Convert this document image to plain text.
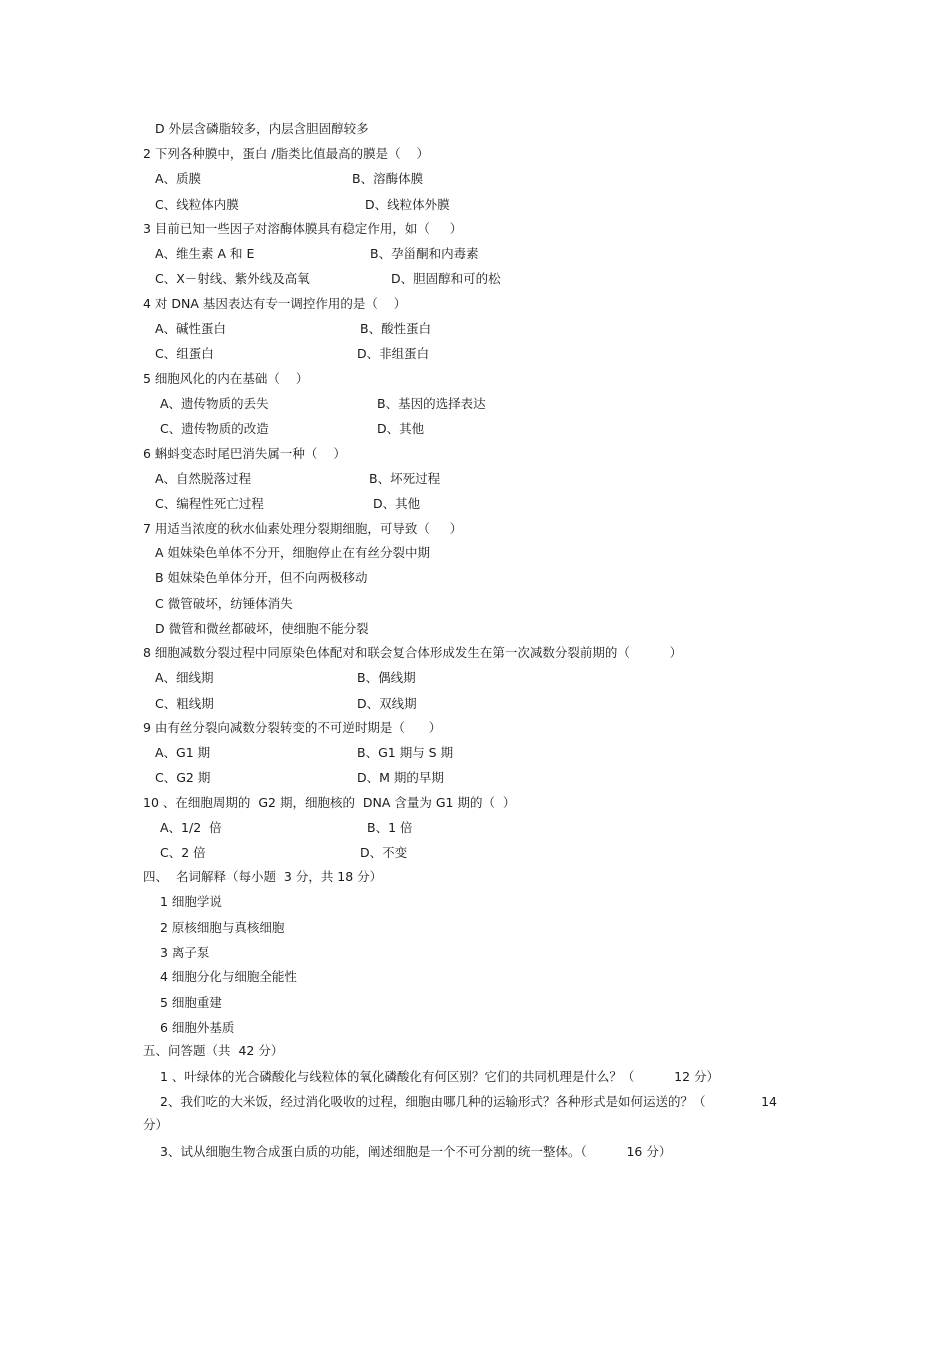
D 外层含磷脂较多，内层含胆固醇较多
2 下列各种膜中，蛋白 /脂类比值最高的膜是（    ）
A、质膜	B、溶酶体膜
C、线粒体内膜	D、线粒体外膜
3 目前已知一些因子对溶酶体膜具有稳定作用，如（     ）
A、维生素 A 和 E	B、孕甾酮和内毒素
C、X－射线、紫外线及高氧	D、胆固醇和可的松
4 对 DNA 基因表达有专一调控作用的是（    ）
A、碱性蛋白	B、酸性蛋白
C、组蛋白	D、非组蛋白
5 细胞风化的内在基础（    ）
A、遗传物质的丢失	B、基因的选择表达
C、遗传物质的改造	D、其他
6 蝌蚪变态时尾巴消失属一种（    ）
A、自然脱落过程	B、坏死过程
C、编程性死亡过程	D、其他
7 用适当浓度的秋水仙素处理分裂期细胞，可导致（     ）
A 姐妹染色单体不分开，细胞停止在有丝分裂中期
B 姐妹染色单体分开，但不向两极移动
C 微管破坏，纺锤体消失
D 微管和微丝都破坏，使细胞不能分裂
8 细胞减数分裂过程中同原染色体配对和联会复合体形成发生在第一次减数分裂前期的（          ）
A、细线期	B、偶线期
C、粗线期	D、双线期
9 由有丝分裂向减数分裂转变的不可逆时期是（      ）
A、G1 期	B、G1 期与 S 期
C、G2 期	D、M 期的早期
10 、在细胞周期的  G2 期，细胞核的  DNA 含量为 G1 期的（  ）
A、1/2  倍	B、1 倍
C、2 倍	D、不变
四、  名词解释（每小题  3 分，共 18 分）
1 细胞学说
2 原核细胞与真核细胞
3 离子泵
4 细胞分化与细胞全能性
5 细胞重建
6 细胞外基质
五、问答题（共  42 分）
1 、叶绿体的光合磷酸化与线粒体的氧化磷酸化有何区别？它们的共同机理是什么？（          12 分）
2、我们吃的大米饭，经过消化吸收的过程，细胞由哪几种的运输形式？各种形式是如何运送的？（              14
分）
3、试从细胞生物合成蛋白质的功能，阐述细胞是一个不可分割的统一整体。（          16 分）
